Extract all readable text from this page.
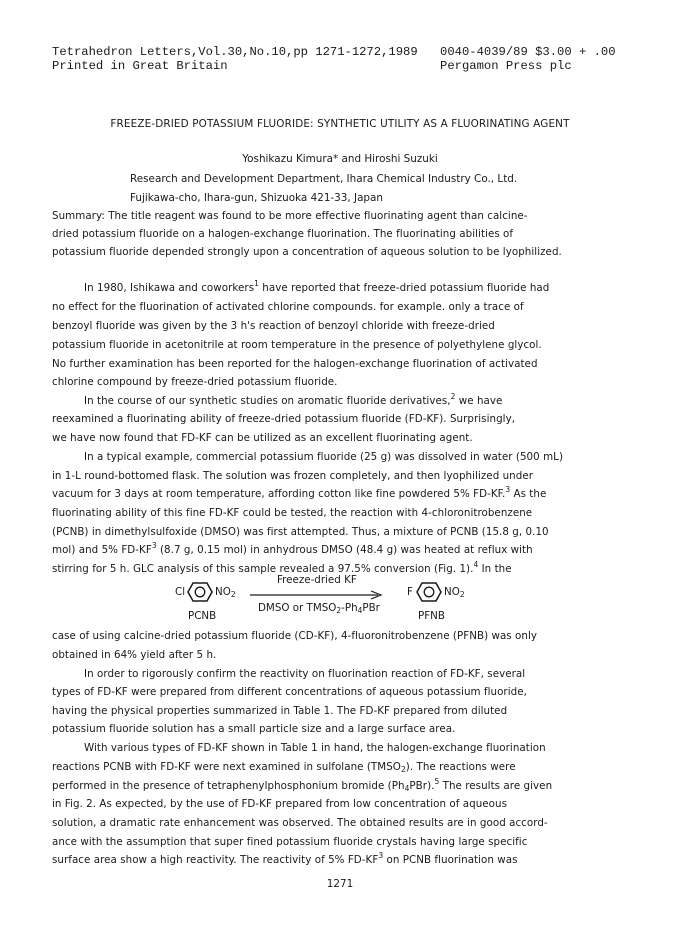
Tetrahedron Letters,Vol.30,No.10,pp 1271-1272,1989
Printed in Great Britain
0040-4039/89 $3.00 + .00
Pergamon Press plc
FREEZE-DRIED POTASSIUM FLUORIDE: SYNTHETIC UTILITY AS A FLUORINATING AGENT
Yoshikazu Kimura* and Hiroshi Suzuki
Research and Development Department, Ihara Chemical Industry Co., Ltd.
Fujikawa-cho, Ihara-gun, Shizuoka 421-33, Japan
Summary: The title reagent was found to be more effective fluorinating agent than calcine-
dried potassium fluoride on a halogen-exchange fluorination. The fluorinating abilities of
potassium fluoride depended strongly upon a concentration of aqueous solution to be lyophilized.
In 1980, Ishikawa and coworkers$^1$ have reported that freeze-dried potassium fluoride had
no effect for the fluorination of activated chlorine compounds. for example. only a trace of
benzoyl fluoride was given by the 3 h's reaction of benzoyl chloride with freeze-dried
potassium fluoride in acetonitrile at room temperature in the presence of polyethylene glycol.
No further examination has been reported for the halogen-exchange fluorination of activated
chlorine compound by freeze-dried potassium fluoride.
In the course of our synthetic studies on aromatic fluoride derivatives,$^2$ we have
reexamined a fluorinating ability of freeze-dried potassium fluoride (FD-KF). Surprisingly,
we have now found that FD-KF can be utilized as an excellent fluorinating agent.
In a typical example, commercial potassium fluoride (25 g) was dissolved in water (500 mL)
in 1-L round-bottomed flask. The solution was frozen completely, and then lyophilized under
vacuum for 3 days at room temperature, affording cotton like fine powdered 5% FD-KF.$^3$ As the
fluorinating ability of this fine FD-KF could be tested, the reaction with 4-chloronitrobenzene
(PCNB) in dimethylsulfoxide (DMSO) was first attempted. Thus, a mixture of PCNB (15.8 g, 0.10
mol) and 5% $FD-KF^3$ (8.7 g, 0.15 mol) in anhydrous DMSO (48.4 g) was heated at reflux with
stirring for 5 h. GLC analysis of this sample revealed a 97.5% conversion (Fig. 1).$^4$ In the
Cl	$NO_2$
PCNB
Freeze-dried KF
DMSO or $TMSO_2-Ph_4PBr$
F	$NO_2$
PFNB
case of using calcine-dried potassium fluoride (CD-KF), 4-fluoronitrobenzene (PFNB) was only
obtained in 64% yield after 5 h.
In order to rigorously confirm the reactivity on fluorination reaction of FD-KF, several
types of FD-KF were prepared from different concentrations of aqueous potassium fluoride,
having the physical properties summarized in Table 1. The FD-KF prepared from diluted
potassium fluoride solution has a small particle size and a large surface area.
With various types of FD-KF shown in Table 1 in hand, the halogen-exchange fluorination
reactions PCNB with FD-KF were next examined in sulfolane $(TMSO_2)$. The reactions were
performed in the presence of tetraphenylphosphonium bromide $(Ph_4PBr).^5$ The results are given
in Fig. 2. As expected, by the use of FD-KF prepared from low concentration of aqueous
solution, a dramatic rate enhancement was observed. The obtained results are in good accord-
ance with the assumption that super fined potassium fluoride crystals having large specific
surface area show a high reactivity. The reactivity of 5% $FD-KF^3$ on PCNB fluorination was
1271
